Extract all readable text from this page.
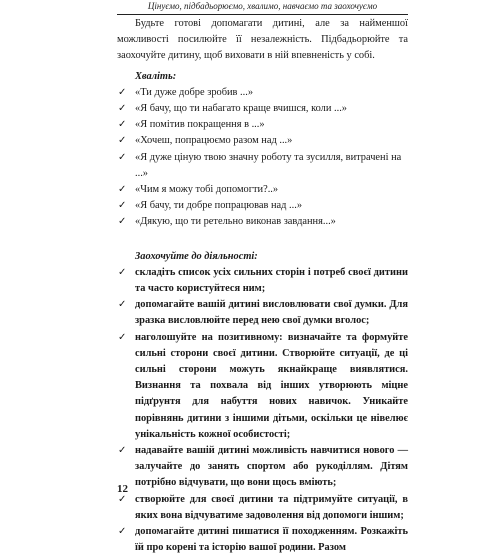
Цінуємо, підбадьорюємо, хвалимо, навчаємо та заохочуємо
Будьте готові допомагати дитині, але за найменшої можливості посилюйте її незалежність. Підбадьорюйте та заохочуйте дитину, щоб виховати в ній впевненість у собі.
Хваліть:
✓ «Ти дуже добре зробив ...»
✓ «Я бачу, що ти набагато краще вчишся, коли ...»
✓ «Я помітив покращення в ...»
✓ «Хочеш, попрацюємо разом над ...»
✓ «Я дуже ціную твою значну роботу та зусилля, витрачені на ...»
✓ «Чим я можу тобі допомогти?..»
✓ «Я бачу, ти добре попрацював над ...»
✓ «Дякую, що ти ретельно виконав завдання...»
Заохочуйте до діяльності:
✓ складіть список усіх сильних сторін і потреб своєї дитини та часто користуйтеся ним;
✓ допомагайте вашій дитині висловлювати свої думки. Для зразка висловлюйте перед нею свої думки вголос;
✓ наголошуйте на позитивному: визначайте та формуйте сильні сторони своєї дитини. Створюйте ситуації, де ці сильні сторони можуть якнайкраще виявлятися. Визнання та похвала від інших утворюють міцне підґрунтя для набуття нових навичок. Уникайте порівнянь дитини з іншими дітьми, оскільки це нівелює унікальність кожної особистості;
✓ надавайте вашій дитині можливість навчитися нового — залучайте до занять спортом або рукоділлям. Дітям потрібно відчувати, що вони щось вміють;
✓ створюйте для своєї дитини та підтримуйте ситуації, в яких вона відчуватиме задоволення від допомоги іншим;
✓ допомагайте дитині пишатися її походженням. Розкажіть їй про корені та історію вашої родини. Разом
12
